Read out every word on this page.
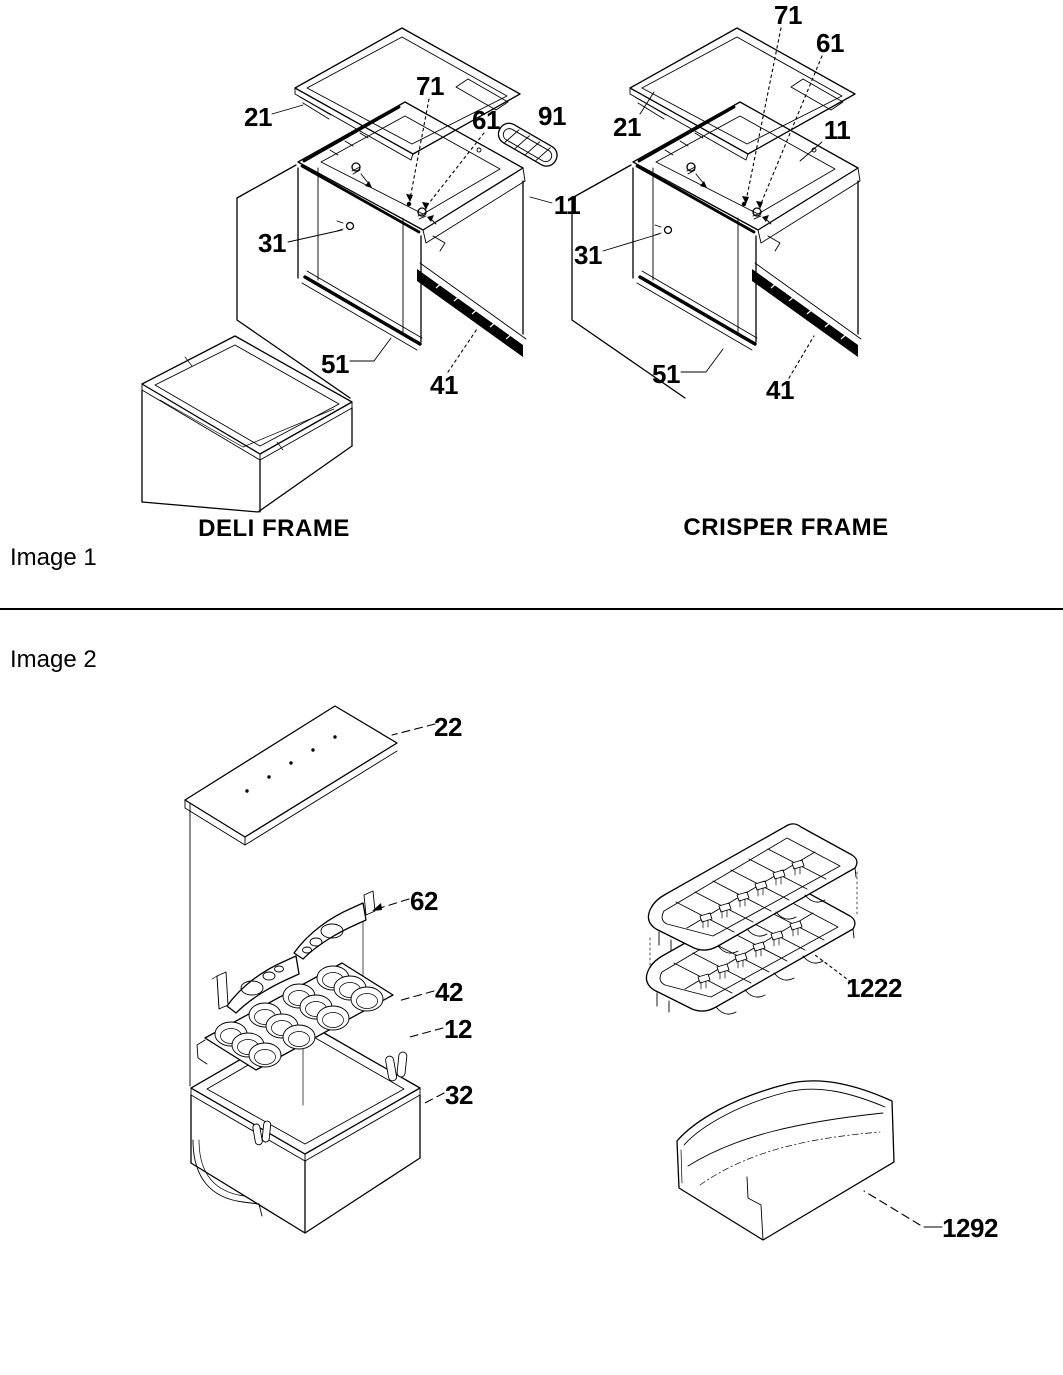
Image 1
Image 2
DELI FRAME	CRISPER FRAME
21
71
61 91
11
31
51
41
71
61
21	11
31
51
41
22
62
42
12
32
1222
1292
